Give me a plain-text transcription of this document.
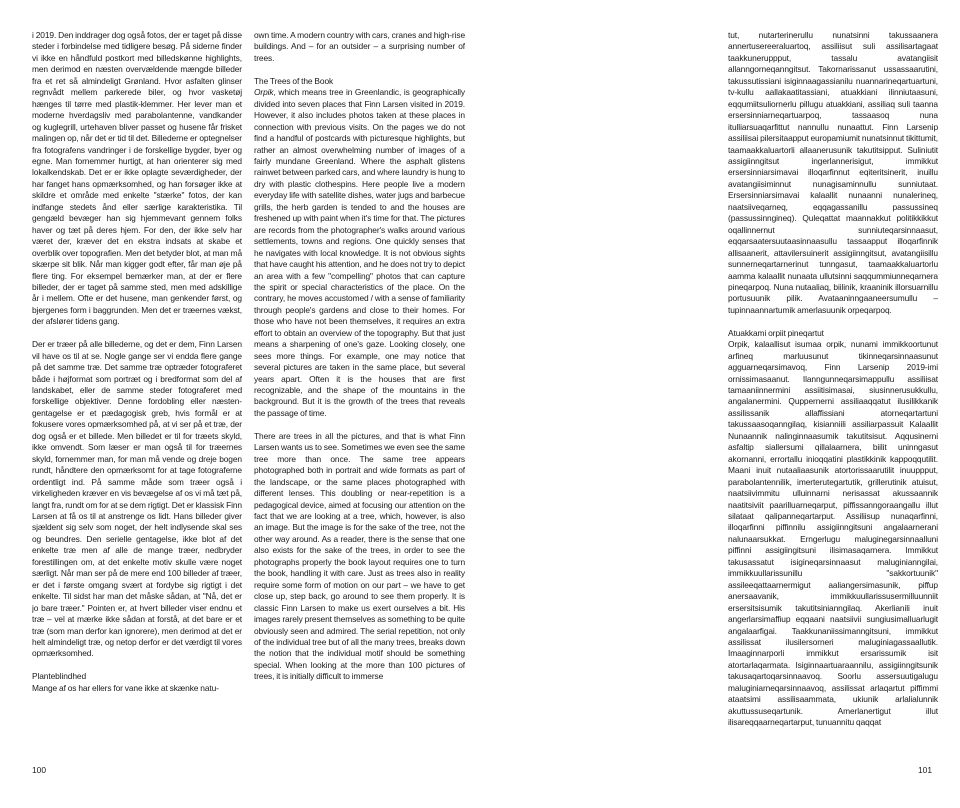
i 2019. Den inddrager dog også fotos, der er taget på disse steder i forbindelse med tidligere besøg. På siderne finder vi ikke en håndfuld postkort med billedskønne highlights, men derimod en næsten overvældende mængde billeder fra et ret så almindeligt Grønland. Hvor asfalten glinser regnvådt mellem parkerede biler, og hvor vasketøj hænges til tørre med plastik-klemmer. Her lever man et moderne hverdagsliv med parabolantenne, vandkander og kuglegrill, urtehaven bliver passet og husene får frisket malingen op, når det er tid til det. Billederne er optegnelser fra fotografens vandringer i de forskellige bygder, byer og egne. Man fornemmer hurtigt, at han orienterer sig med lokalkendskab. Det er er ikke oplagte seværdigheder, der har fanget hans opmærksomhed, og han forsøger ikke at skildre et område med enkelte "stærke" fotos, der kan indfange stedets ånd eller særlige karakteristika. Til gengæld bevæger han sig hjemmevant gennem folks haver og tæt på deres hjem. For den, der ikke selv har været der, kræver det en ekstra indsats at skabe et overblik over topografien. Men det betyder blot, at man må skærpe sit blik. Når man kigger godt efter, får man øje på flere ting. For eksempel bemærker man, at der er flere billeder, der er taget på samme sted, men med adskillige år i mellem. Ofte er det husene, man genkender først, og bjergenes form i baggrunden. Men det er træernes vækst, der afslører tidens gang.

Der er træer på alle billederne, og det er dem, Finn Larsen vil have os til at se. Nogle gange ser vi endda flere gange på det samme træ. Det samme træ optræder fotograferet både i højformat som portræt og i bredformat som del af landskabet, eller de samme steder fotograferet med forskellige objektiver. Denne fordobling eller næsten-gentagelse er et pædagogisk greb, hvis formål er at fokusere vores opmærksomhed på, at vi ser på et træ, der dog også er et billede. Men billedet er til for træets skyld, ikke omvendt. Som læser er man også til for træernes skyld, fornemmer man, for man må vende og dreje bogen rundt, håndtere den opmærksomt for at tage fotograferne ordentligt ind. På samme måde som træer også i virkeligheden kræver en vis bevægelse af os vi må tæt på, langt fra, rundt om for at se dem rigtigt. Det er klassisk Finn Larsen at få os til at anstrenge os lidt. Hans billeder giver sjældent sig selv som noget, der helt indlysende skal ses og beundres. Den serielle gentagelse, ikke blot af det enkelte træ men af alle de mange træer, nedbryder forestillingen om, at det enkelte motiv skulle være noget særligt. Når man ser på de mere end 100 billeder af træer, er det i første omgang svært at fordybe sig rigtigt i det enkelte. Til sidst har man det måske sådan, at "Nå, det er jo bare træer." Pointen er, at hvert billeder viser endnu et træ – vel at mærke ikke sådan at forstå, at det bare er et træ (som man derfor kan ignorere), men derimod at det er helt almindeligt træ, og netop derfor er det værdigt til vores opmærksomhed.

Planteblindhed

Mange af os har ellers for vane ikke at skænke natu-

own time. A modern country with cars, cranes and high-rise buildings. And – for an outsider – a surprising number of trees.

The Trees of the Book

Orpik, which means tree in Greenlandic, is geographically divided into seven places that Finn Larsen visited in 2019. However, it also includes photos taken at these places in connection with previous visits. On the pages we do not find a handful of postcards with picturesque highlights, but rather an almost overwhelming number of images of a fairly mundane Greenland. Where the asphalt glistens rainwet between parked cars, and where laundry is hung to dry with plastic clothespins. Here people live a modern everyday life with satellite dishes, water jugs and barbecue grills, the herb garden is tended to and the houses are freshened up with paint when it's time for that. The pictures are records from the photographer's walks around various settlements, towns and regions. One quickly senses that he navigates with local knowledge. It is not obvious sights that have caught his attention, and he does not try to depict an area with a few "compelling" photos that can capture the spirit or special characteristics of the place. On the contrary, he moves accustomed / with a sense of familiarity through people's gardens and close to their homes. For those who have not been themselves, it requires an extra effort to obtain an overview of the topography. But that just means a sharpening of one's gaze. Looking closely, one sees more things. For example, one may notice that several pictures are taken in the same place, but several years apart. Often it is the houses that are first recognizable, and the shape of the mountains in the background. But it is the growth of the trees that reveals the passage of time.

There are trees in all the pictures, and that is what Finn Larsen wants us to see. Sometimes we even see the same tree more than once. The same tree appears photographed both in portrait and wide formats as part of the landscape, or the same places photographed with different lenses. This doubling or near-repetition is a pedagogical device, aimed at focusing our attention on the fact that we are looking at a tree, which, however, is also an image. But the image is for the sake of the tree, not the other way around. As a reader, there is the sense that one also exists for the sake of the trees, in order to see the photographs properly the book layout requires one to turn the book, handling it with care. Just as trees also in reality require some form of motion on our part – we have to get close up, step back, go around to see them properly. It is classic Finn Larsen to make us exert ourselves a bit. His images rarely present themselves as something to be quite obviously seen and admired. The serial repetition, not only of the individual tree but of all the many trees, breaks down the notion that the individual motif should be something special. When looking at the more than 100 pictures of trees, it is initially difficult to immerse

100

tut, nutarterinerullu nunatsinni takussaanera annertusereeraluartoq, assiliisut suli assilisartagaat taakkuneruppput, tassalu avatangiisit allanngorneqanngitsut. Takornarissanut ussassaarutini, takussutissiani isiginnaagassianilu nuannarineqartuartuni, tv-kullu aallakaatitassiani, atuakkiani ilinniutaasuni, eqqumiitsuliornerlu pillugu atuakkiani, assiliaq suli taanna ersersinniarneqartuarpoq, tassaasoq nuna itulliarsuaqarfittut nannullu nunaattut. Finn Larsenip assiliisai pilersitaapput europamiumit nunatsinnut tikittumit, taamaakkaluartorli allaanerusunik takutitsipput. Suliniutit assigiinngitsut ingerlannerisigut, immikkut ersersinniarsimavai illoqarfinnut eqiteritsinerit, inuillu avatangiisiminnut nunagisaminnullu sunniutaat. Ersersinniarsimavai kalaallit nunaanni nunalerineq, naatsiiveqarneq, eqqagassanillu passussineq (passussinngineq). Quleqattat maannakkut politikkikkut oqallinnernut sunniuteqarsinnaasut, eqqarsaatersuutaasinnaasullu tassaapput illoqarfinnik allisaanerit, attavilersuinerit assigiinngitsut, avatangiisillu sunnerneqartarnerinut tunngasut, taamaakkaluartorlu aamma kalaallit nunaata ullutsinni saqqummiunneqarnera pineqarpoq. Nuna nutaaliaq, biilinik, kraaninik illorsuarnillu portusuunik pilik. Avataaninngaaneersumullu – tupinnaannartumik amerlasuunik orpeqarpoq.

Atuakkami orpiit pineqartut

Orpik, kalaallisut isumaa orpik, nunami immikkoortunut arfineq marluusunut tikinneqarsinnaasunut agguarneqarsimavoq, Finn Larsenip 2019-imi ornissimasaanut. Ilanngunneqarsimappullu assiliisat tamaaniinnermini assiitisimasai, siusinnerusukkullu, angalanermini. Quppernerni assiliaaqqatut ilusilikkanik assilissanik allaffissiani atorneqartartuni takussaasoqanngilaq, kisianniili assiliarpassuit Kalaallit Nunaannik nalinginnaasumik takutitsisut. Aqqusinerni asfaltip siallersumi qillalaarnera, biilit uninngasut akornanni, errortallu inioqqatini plastikkinik kappoqqutilit. Maani inuit nutaaliaasunik atortorissaarutilit inuuppput, parabolantennilik, imerterutegartutik, grillerutinik atuisut, naatsiivimmitu ulluinnarni nerisassat akussaannik naatitsiviit paarilluarneqarput, piffissanngoraangallu illut silataat qalipanneqartarput. Assiliisup nunaqarfinni, illoqarfinni piffinnilu assigiinngitsuni angalaarnerani nalunaarsukkat. Erngerlugu maluginegarsinnaalluni piffinni assigiingitsuni ilisimasaqarnera. Immikkut takusassatut isigineqarsinnaasut maluginianngilai, immikkuullarissunillu "sakkortuunik" assileeqattaarnermigut aaliangersimasunik, piffup anersaavanik, immikkuullarissusermilluunniit ersersitsisumik takutitsinianngilaq. Akerlianili inuit angerlarsimaffiup eqqaani naatsiivii sungiusimalluarlugit angalaarfigai. Taakkunaniissimanngitsuni, immikkut assilissat ilusilersorneri maluginiagassaallutik. Imaaginnarporli immikkut ersarissumik isit atortarlaqarmata. Isiginnaartuaraannilu, assigiinngitsunik takusaqartoqarsinnaavoq. Soorlu assersuutigalugu maluginiarneqarsinnaavoq, assilissat arlaqartut piffimmi ataatsimi assilisaammata, ukiunik arlalialunnik akuttussuseqartunik. Amerlanertigut illut ilisareqqaarneqartarput, tunuannitu qaqqat

101
